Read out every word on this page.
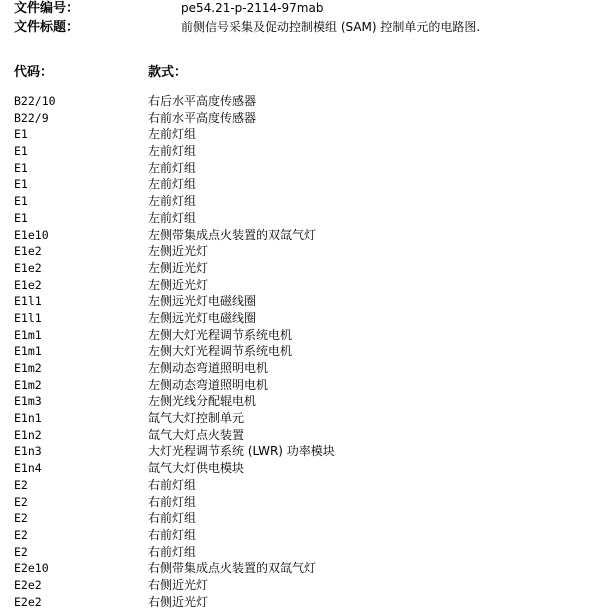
文件编号：	pe54.21-p-2114-97mab
文件标题：	前侧信号采集及促动控制模组 (SAM) 控制单元的电路图.
代码：	款式：
B22/10	右后水平高度传感器
B22/9	右前水平高度传感器
E1	左前灯组
E1	左前灯组
E1	左前灯组
E1	左前灯组
E1	左前灯组
E1	左前灯组
E1e10	左侧带集成点火装置的双氙气灯
E1e2	左侧近光灯
E1e2	左侧近光灯
E1e2	左侧近光灯
E1l1	左侧远光灯电磁线圈
E1l1	左侧远光灯电磁线圈
E1m1	左侧大灯光程调节系统电机
E1m1	左侧大灯光程调节系统电机
E1m2	左侧动态弯道照明电机
E1m2	左侧动态弯道照明电机
E1m3	左侧光线分配辊电机
E1n1	氙气大灯控制单元
E1n2	氙气大灯点火装置
E1n3	大灯光程调节系统 (LWR) 功率模块
E1n4	氙气大灯供电模块
E2	右前灯组
E2	右前灯组
E2	右前灯组
E2	右前灯组
E2	右前灯组
E2e10	右侧带集成点火装置的双氙气灯
E2e2	右侧近光灯
E2e2	右侧近光灯
